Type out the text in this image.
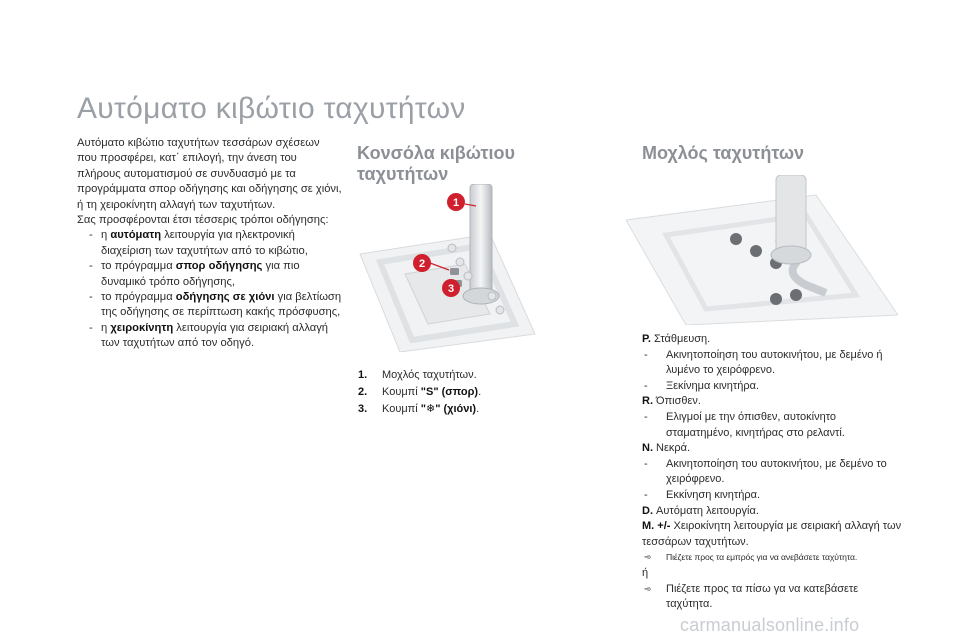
Αυτόματο κιβώτιο ταχυτήτων

Αυτόματο κιβώτιο ταχυτήτων τεσσάρων σχέσεων που προσφέρει, κατ΄ επιλογή, την άνεση του πλήρους αυτοματισμού σε συνδυασμό με τα προγράμματα σπορ οδήγησης και οδήγησης σε χιόνι, ή τη χειροκίνητη αλλαγή των ταχυτήτων.

Σας προσφέρονται έτσι τέσσερις τρόποι οδήγησης:

- η αυτόματη λειτουργία για ηλεκτρονική διαχείριση των ταχυτήτων από το κιβώτιο,

- το πρόγραμμα σπορ οδήγησης για πιο δυναμικό τρόπο οδήγησης,

- το πρόγραμμα οδήγησης σε χιόνι για βελτίωση της οδήγησης σε περίπτωση κακής πρόσφυσης,

- η χειροκίνητη λειτουργία για σειριακή αλλαγή των ταχυτήτων από τον οδηγό.

Κονσόλα κιβώτιου ταχυτήτων
Μοχλός ταχυτήτων
1
2
3
1. Μοχλός ταχυτήτων.
2. Κουμπί "S" (σπορ).
3. Κουμπί "❄" (χιόνι).

P. Στάθμευση.

- Ακινητοποίηση του αυτοκινήτου, με δεμένο ή λυμένο το χειρόφρενο.

- Ξεκίνημα κινητήρα.

R. Όπισθεν.

- Ελιγμοί με την όπισθεν, αυτοκίνητο σταματημένο, κινητήρας στο ρελαντί.

N. Νεκρά.

- Ακινητοποίηση του αυτοκινήτου, με δεμένο το χειρόφρενο.

- Εκκίνηση κινητήρα.

D. Αυτόματη λειτουργία.

M. +/- Χειροκίνητη λειτουργία με σειριακή αλλαγή των τεσσάρων ταχυτήτων.

➾ Πιέζετε προς τα εμπρός για να ανεβάσετε ταχύτητα.

ή

➾ Πιέζετε προς τα πίσω γα να κατεβάσετε ταχύτητα.

carmanualsonline.info
